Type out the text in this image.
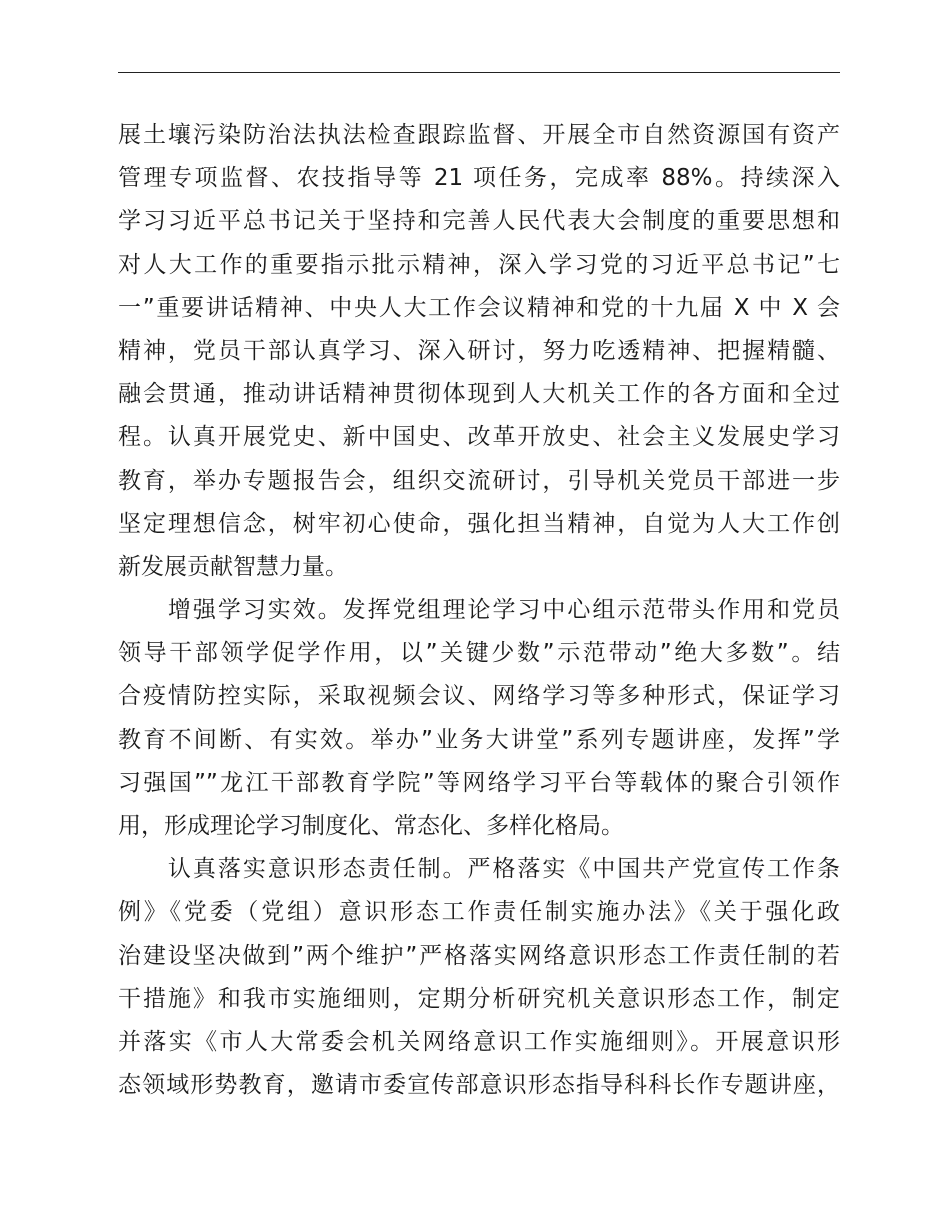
展土壤污染防治法执法检查跟踪监督、开展全市自然资源国有资产
管理专项监督、农技指导等 21 项任务，完成率 88%。持续深入
学习习近平总书记关于坚持和完善人民代表大会制度的重要思想和
对人大工作的重要指示批示精神，深入学习党的习近平总书记”七
一”重要讲话精神、中央人大工作会议精神和党的十九届 X 中 X 会
精神，党员干部认真学习、深入研讨，努力吃透精神、把握精髓、
融会贯通，推动讲话精神贯彻体现到人大机关工作的各方面和全过
程。认真开展党史、新中国史、改革开放史、社会主义发展史学习
教育，举办专题报告会，组织交流研讨，引导机关党员干部进一步
坚定理想信念，树牢初心使命，强化担当精神，自觉为人大工作创
新发展贡献智慧力量。
　　增强学习实效。发挥党组理论学习中心组示范带头作用和党员
领导干部领学促学作用，以”关键少数”示范带动”绝大多数”。结
合疫情防控实际，采取视频会议、网络学习等多种形式，保证学习
教育不间断、有实效。举办”业务大讲堂”系列专题讲座，发挥”学
习强国””龙江干部教育学院”等网络学习平台等载体的聚合引领作
用，形成理论学习制度化、常态化、多样化格局。
　　认真落实意识形态责任制。严格落实《中国共产党宣传工作条
例》《党委（党组）意识形态工作责任制实施办法》《关于强化政
治建设坚决做到”两个维护”严格落实网络意识形态工作责任制的若
干措施》和我市实施细则，定期分析研究机关意识形态工作，制定
并落实《市人大常委会机关网络意识工作实施细则》。开展意识形
态领域形势教育，邀请市委宣传部意识形态指导科科长作专题讲座，
